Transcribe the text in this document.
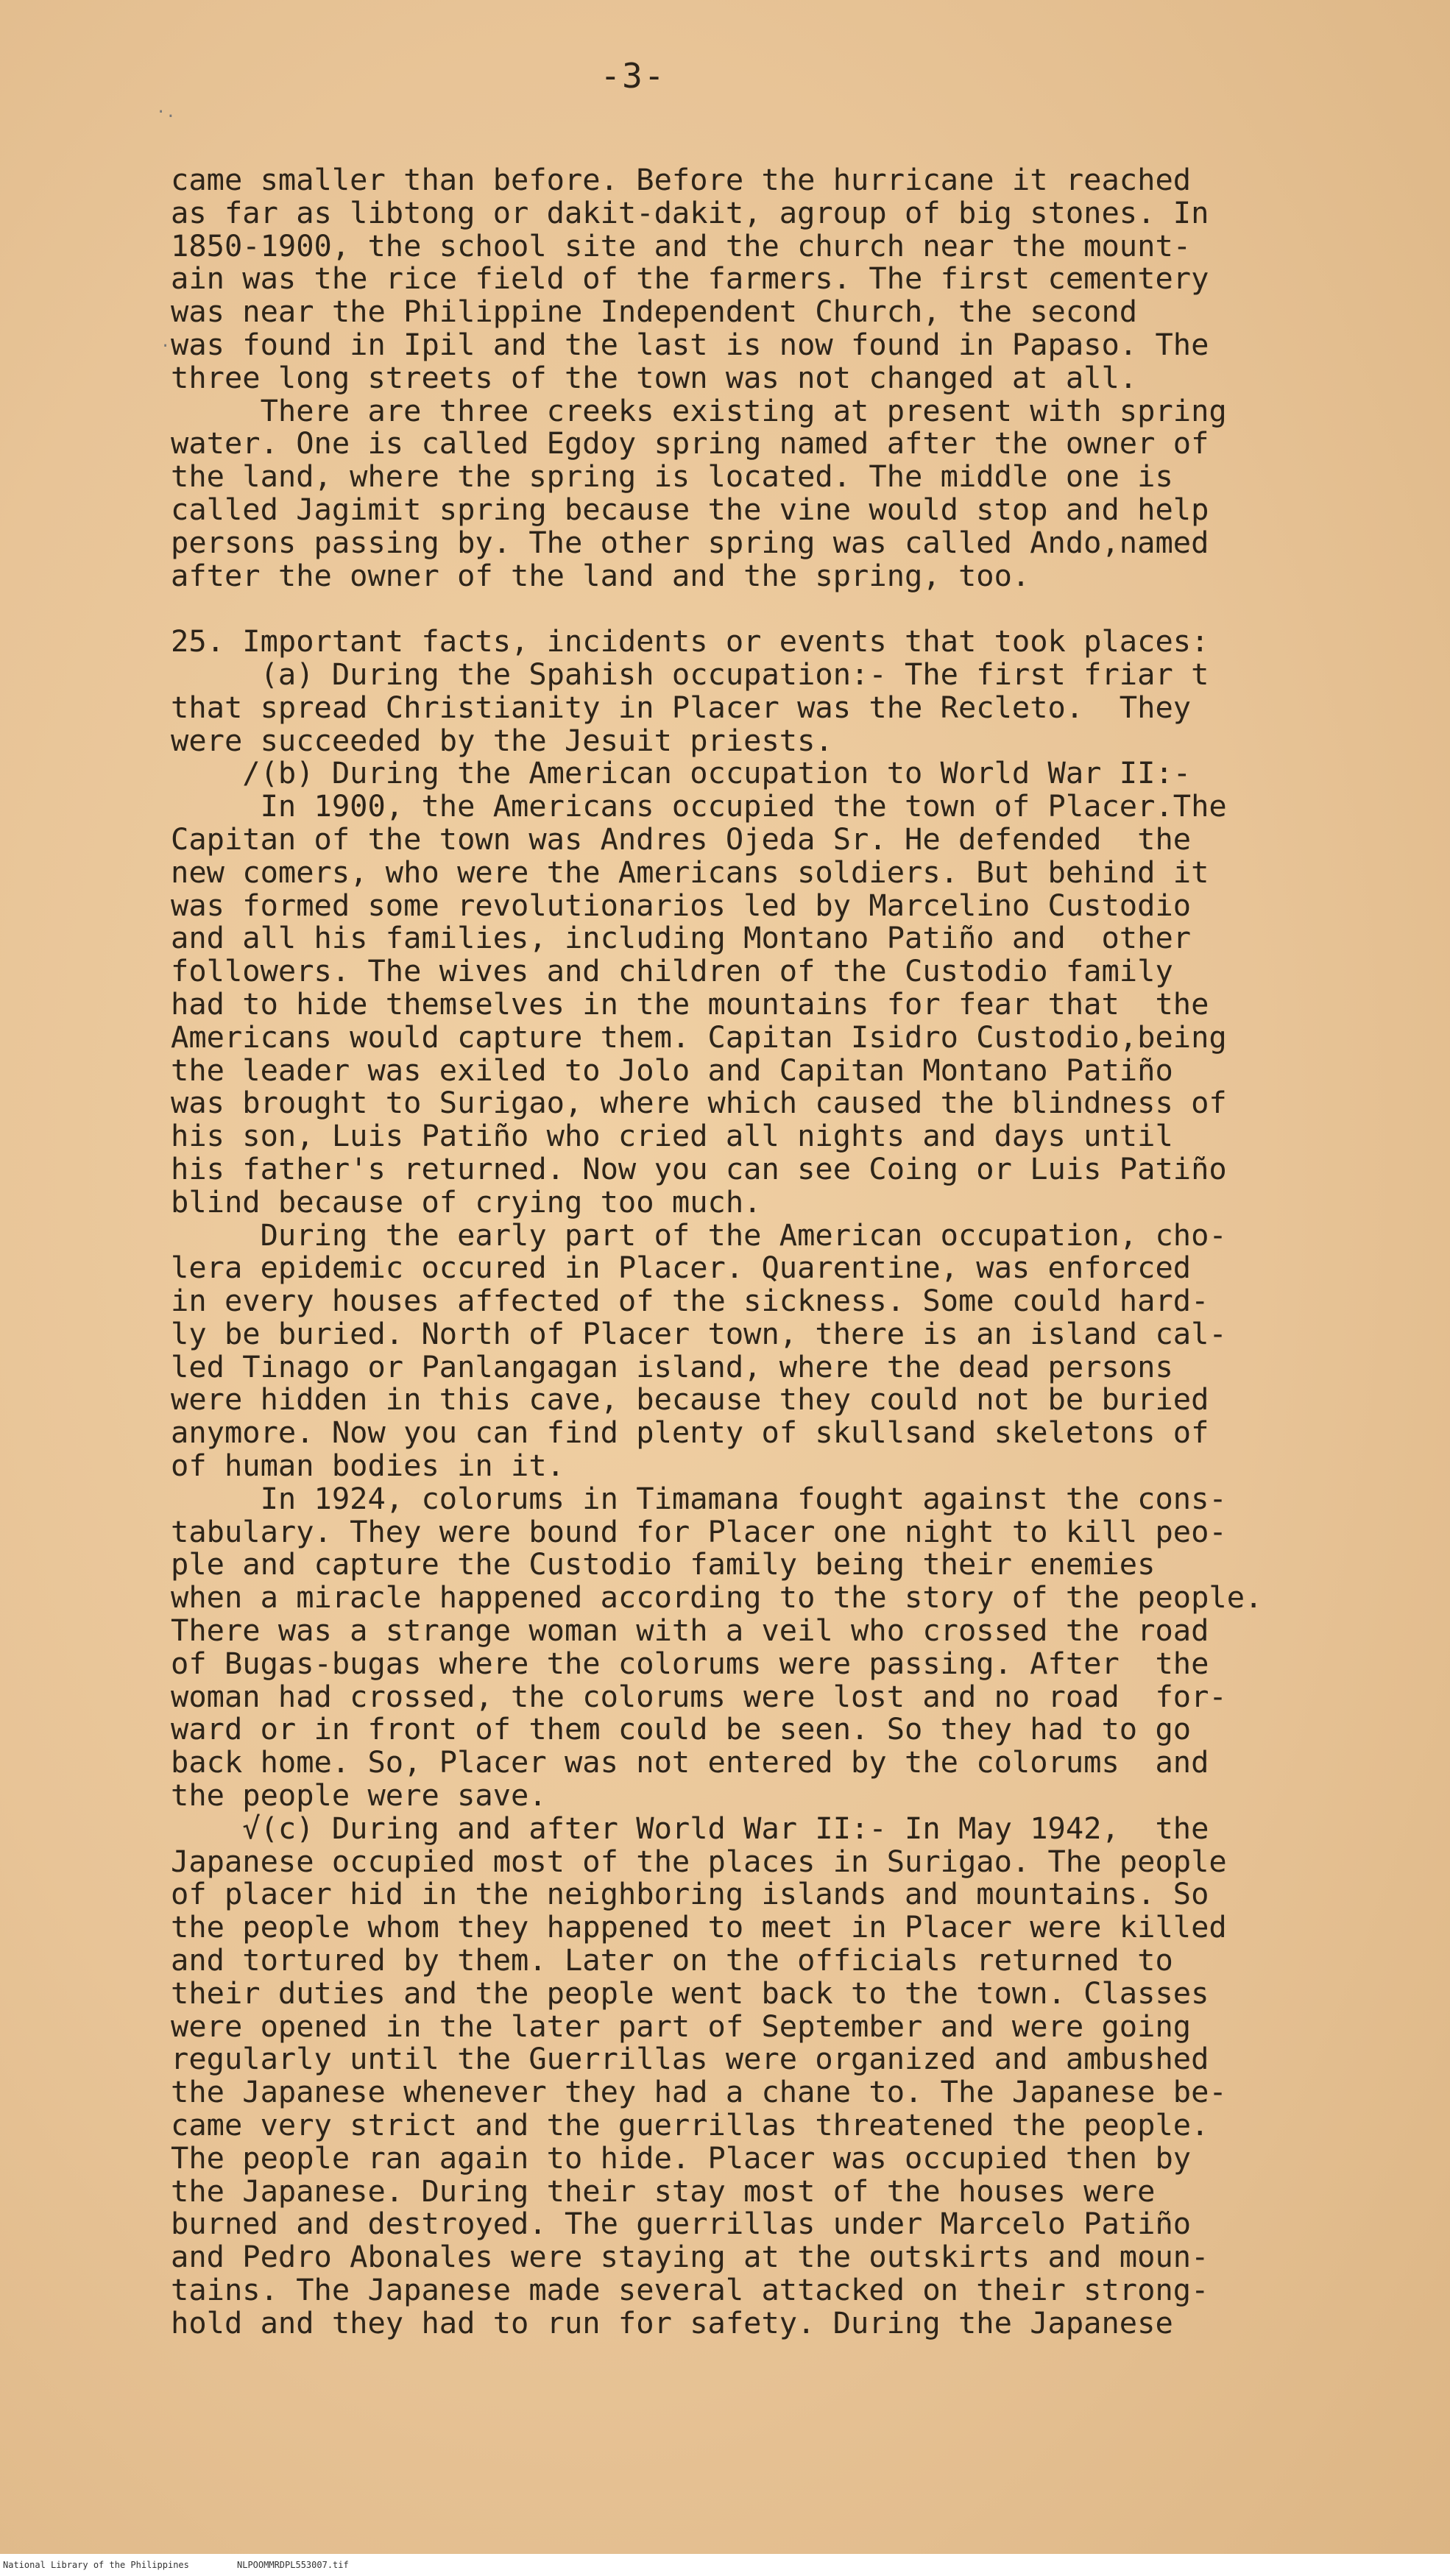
-3-
·.
·
came smaller than before. Before the hurricane it reached
as far as libtong or dakit-dakit, agroup of big stones. In
1850-1900, the school site and the church near the mount-
ain was the rice field of the farmers. The first cementery
was near the Philippine Independent Church, the second
was found in Ipil and the last is now found in Papaso. The
three long streets of the town was not changed at all.
There are three creeks existing at present with spring
water. One is called Egdoy spring named after the owner of
the land, where the spring is located. The middle one is
called Jagimit spring because the vine would stop and help
persons passing by. The other spring was called Ando,named
after the owner of the land and the spring, too.
25. Important facts, incidents or events that took places:
(a) During the Spahish occupation:- The first friar t
that spread Christianity in Placer was the Recleto.  They
were succeeded by the Jesuit priests.
/(b) During the American occupation to World War II:-
In 1900, the Americans occupied the town of Placer.The
Capitan of the town was Andres Ojeda Sr. He defended  the
new comers, who were the Americans soldiers. But behind it
was formed some revolutionarios led by Marcelino Custodio
and all his families, including Montano Patiño and  other
followers. The wives and children of the Custodio family
had to hide themselves in the mountains for fear that  the
Americans would capture them. Capitan Isidro Custodio,being
the leader was exiled to Jolo and Capitan Montano Patiño
was brought to Surigao, where which caused the blindness of
his son, Luis Patiño who cried all nights and days until
his father's returned. Now you can see Coing or Luis Patiño
blind because of crying too much.
During the early part of the American occupation, cho-
lera epidemic occured in Placer. Quarentine, was enforced
in every houses affected of the sickness. Some could hard-
ly be buried. North of Placer town, there is an island cal-
led Tinago or Panlangagan island, where the dead persons
were hidden in this cave, because they could not be buried
anymore. Now you can find plenty of skullsand skeletons of
of human bodies in it.
In 1924, colorums in Timamana fought against the cons-
tabulary. They were bound for Placer one night to kill peo-
ple and capture the Custodio family being their enemies
when a miracle happened according to the story of the people.
There was a strange woman with a veil who crossed the road
of Bugas-bugas where the colorums were passing. After  the
woman had crossed, the colorums were lost and no road  for-
ward or in front of them could be seen. So they had to go
back home. So, Placer was not entered by the colorums  and
the people were save.
√(c) During and after World War II:- In May 1942,  the
Japanese occupied most of the places in Surigao. The people
of placer hid in the neighboring islands and mountains. So
the people whom they happened to meet in Placer were killed
and tortured by them. Later on the officials returned to
their duties and the people went back to the town. Classes
were opened in the later part of September and were going
regularly until the Guerrillas were organized and ambushed
the Japanese whenever they had a chane to. The Japanese be-
came very strict and the guerrillas threatened the people.
The people ran again to hide. Placer was occupied then by
the Japanese. During their stay most of the houses were
burned and destroyed. The guerrillas under Marcelo Patiño
and Pedro Abonales were staying at the outskirts and moun-
tains. The Japanese made several attacked on their strong-
hold and they had to run for safety. During the Japanese
National Library of the Philippines	NLPOOMMRDPL553007.tif
